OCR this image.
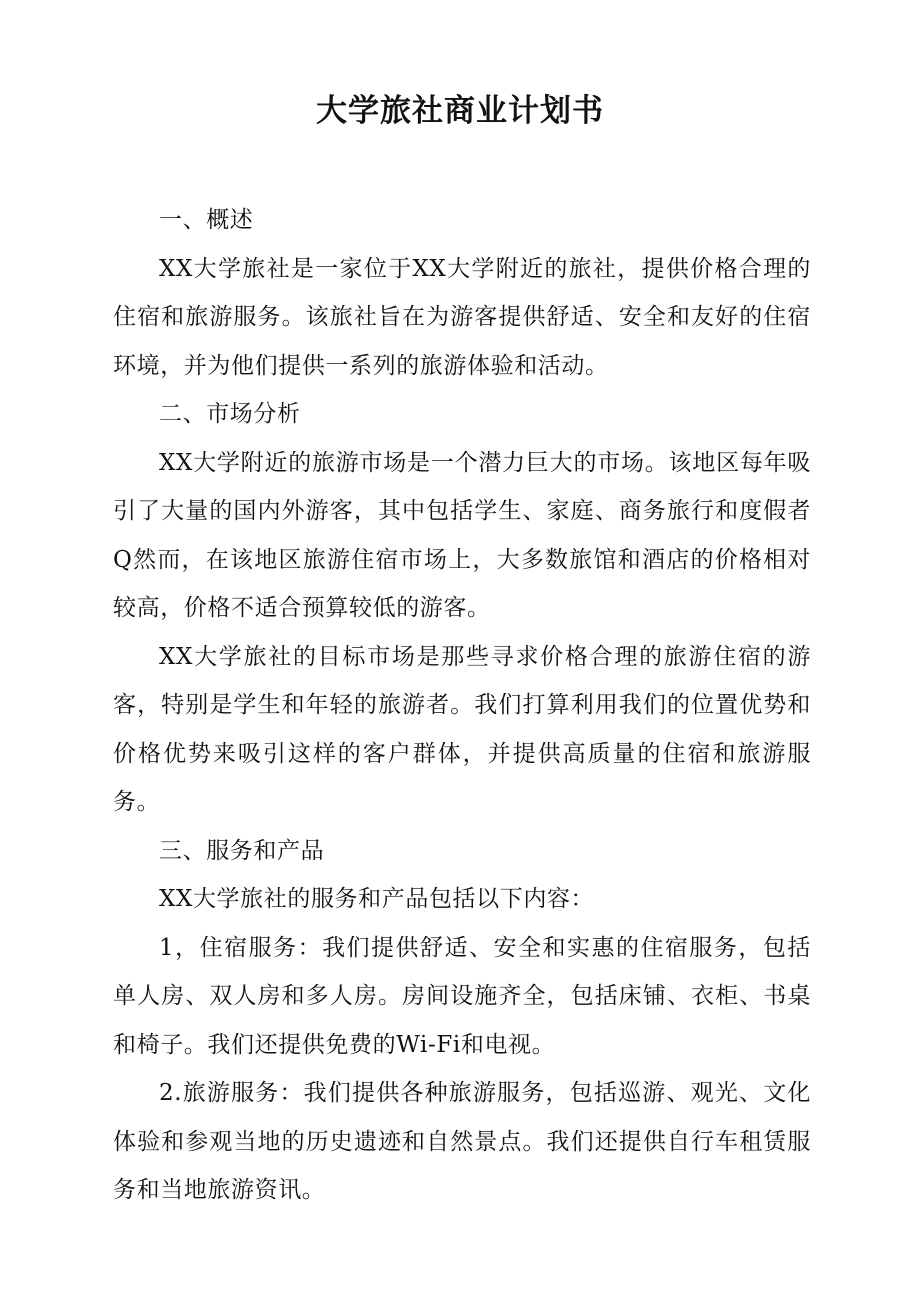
大学旅社商业计划书

一、概述

XX大学旅社是一家位于XX大学附近的旅社，提供价格合理的住宿和旅游服务。该旅社旨在为游客提供舒适、安全和友好的住宿环境，并为他们提供一系列的旅游体验和活动。

二、市场分析

XX大学附近的旅游市场是一个潜力巨大的市场。该地区每年吸引了大量的国内外游客，其中包括学生、家庭、商务旅行和度假者Q然而，在该地区旅游住宿市场上，大多数旅馆和酒店的价格相对较高，价格不适合预算较低的游客。

XX大学旅社的目标市场是那些寻求价格合理的旅游住宿的游客，特别是学生和年轻的旅游者。我们打算利用我们的位置优势和价格优势来吸引这样的客户群体，并提供高质量的住宿和旅游服务。

三、服务和产品

XX大学旅社的服务和产品包括以下内容：

1，住宿服务：我们提供舒适、安全和实惠的住宿服务，包括单人房、双人房和多人房。房间设施齐全，包括床铺、衣柜、书桌和椅子。我们还提供免费的Wi-Fi和电视。

2.旅游服务：我们提供各种旅游服务，包括巡游、观光、文化体验和参观当地的历史遗迹和自然景点。我们还提供自行车租赁服务和当地旅游资讯。
